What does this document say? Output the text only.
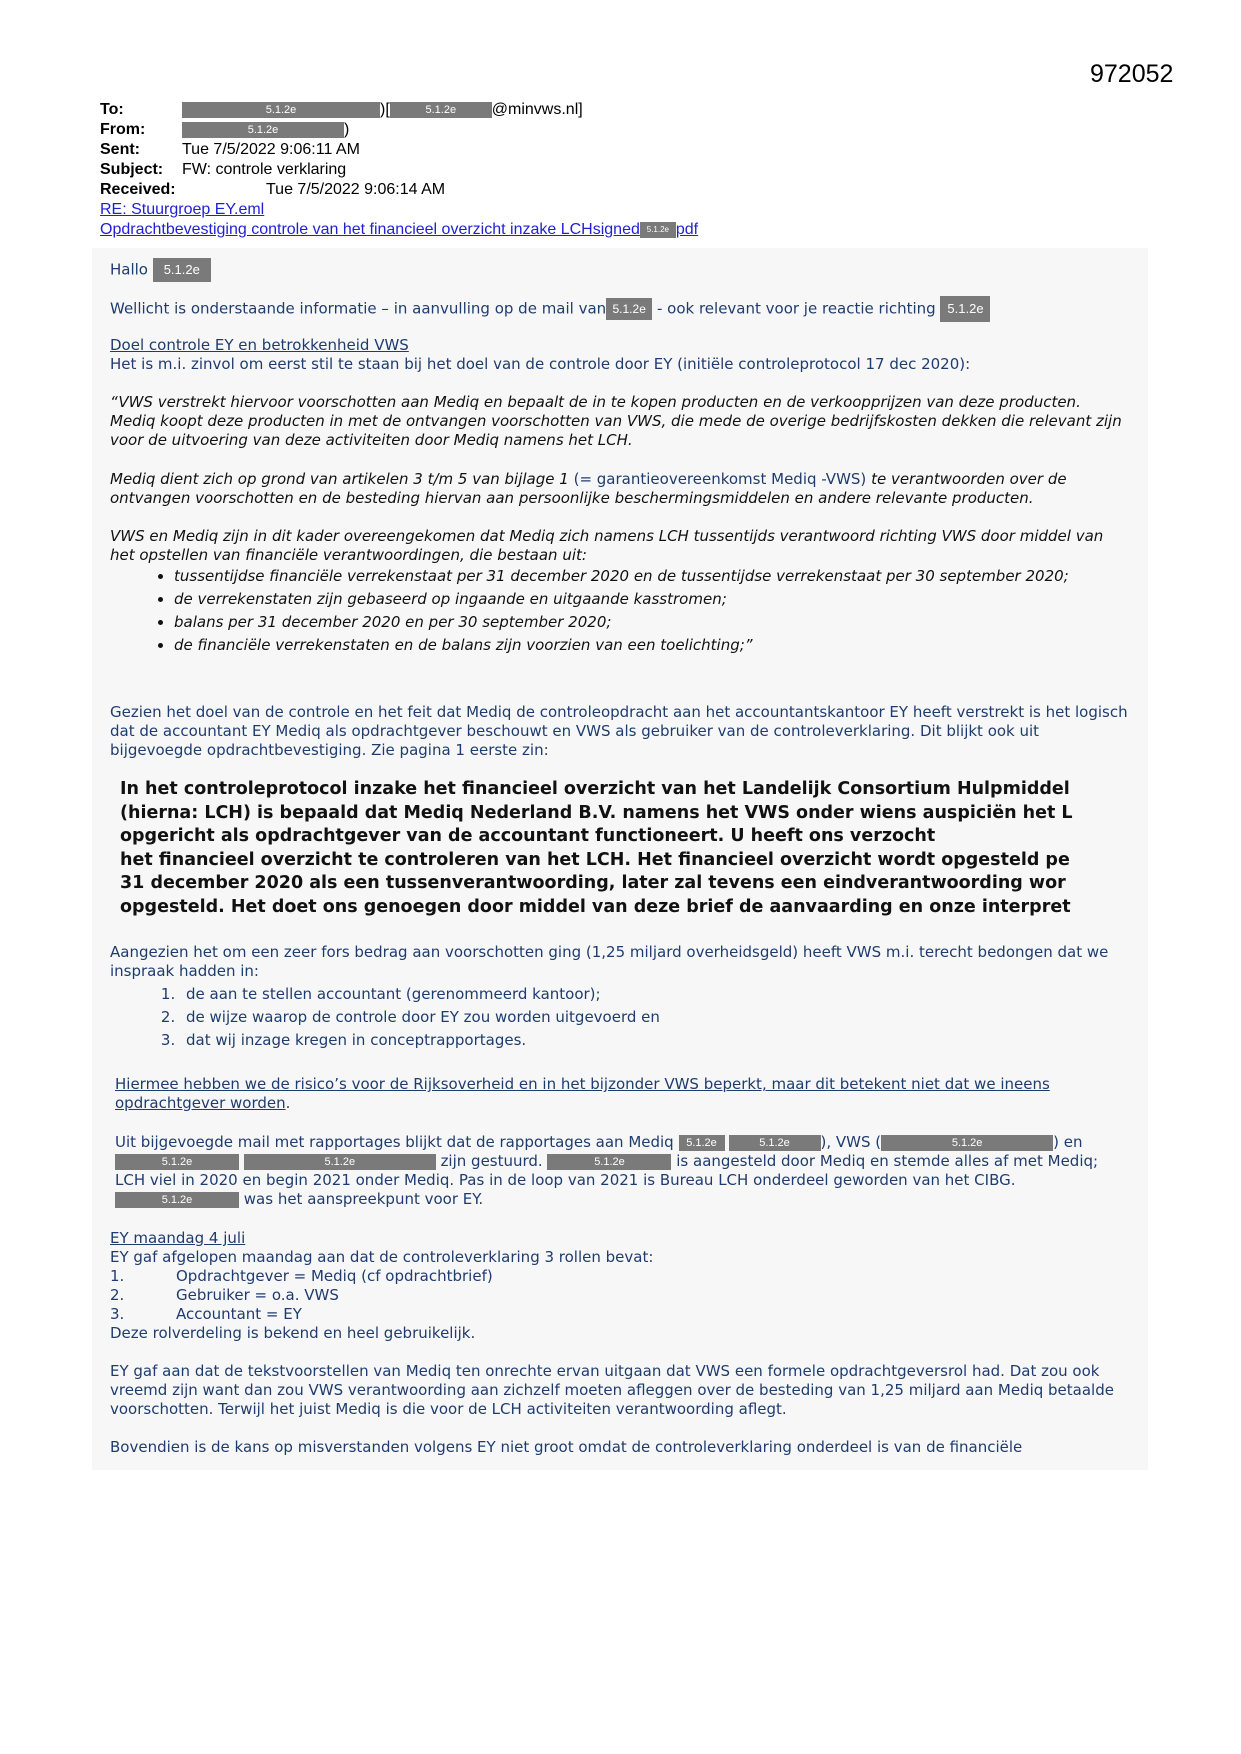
972052
To:	5.1.2e	)[	5.1.2e @minvws.nl]
From:	5.1.2e	)
Sent:	Tue 7/5/2022 9:06:11 AM
Subject: FW: controle verklaring
Received:	Tue 7/5/2022 9:06:14 AM
RE: Stuurgroep EY.eml
Opdrachtbevestiging controle van het financieel overzicht inzake LCHsigned 5.1.2e pdf
Hallo 5.1.2e
Wellicht is onderstaande informatie – in aanvulling op de mail van 5.1.2e - ook relevant voor je reactie richting 5.1.2e
Doel controle EY en betrokkenheid VWS
Het is m.i. zinvol om eerst stil te staan bij het doel van de controle door EY (initiële controleprotocol 17 dec 2020):
“VWS verstrekt hiervoor voorschotten aan Mediq en bepaalt de in te kopen producten en de verkoopprijzen van deze producten. Mediq koopt deze producten in met de ontvangen voorschotten van VWS, die mede de overige bedrijfskosten dekken die relevant zijn voor de uitvoering van deze activiteiten door Mediq namens het LCH.
Mediq dient zich op grond van artikelen 3 t/m 5 van bijlage 1 (= garantieovereenkomst Mediq -VWS) te verantwoorden over de ontvangen voorschotten en de besteding hiervan aan persoonlijke beschermingsmiddelen en andere relevante producten.
VWS en Mediq zijn in dit kader overeengekomen dat Mediq zich namens LCH tussentijds verantwoord richting VWS door middel van het opstellen van financiële verantwoordingen, die bestaan uit:
• tussentijdse financiële verrekenstaat per 31 december 2020 en de tussentijdse verrekenstaat per 30 september 2020;
• de verrekenstaten zijn gebaseerd op ingaande en uitgaande kasstromen;
• balans per 31 december 2020 en per 30 september 2020;
• de financiële verrekenstaten en de balans zijn voorzien van een toelichting;”
Gezien het doel van de controle en het feit dat Mediq de controleopdracht aan het accountantskantoor EY heeft verstrekt is het logisch dat de accountant EY Mediq als opdrachtgever beschouwt en VWS als gebruiker van de controleverklaring. Dit blijkt ook uit bijgevoegde opdrachtbevestiging. Zie pagina 1 eerste zin:
In het controleprotocol inzake het financieel overzicht van het Landelijk Consortium Hulpmiddel
(hierna: LCH) is bepaald dat Mediq Nederland B.V. namens het VWS onder wiens auspiciën het L
opgericht als opdrachtgever van de accountant functioneert. U heeft ons verzocht
het financieel overzicht te controleren van het LCH. Het financieel overzicht wordt opgesteld pe
31 december 2020 als een tussenverantwoording, later zal tevens een eindverantwoording wor
opgesteld. Het doet ons genoegen door middel van deze brief de aanvaarding en onze interpret
Aangezien het om een zeer fors bedrag aan voorschotten ging (1,25 miljard overheidsgeld) heeft VWS m.i. terecht bedongen dat we inspraak hadden in:
1. de aan te stellen accountant (gerenommeerd kantoor);
2. de wijze waarop de controle door EY zou worden uitgevoerd en
3. dat wij inzage kregen in conceptrapportages.
Hiermee hebben we de risico’s voor de Rijksoverheid en in het bijzonder VWS beperkt, maar dit betekent niet dat we ineens opdrachtgever worden.
Uit bijgevoegde mail met rapportages blijkt dat de rapportages aan Mediq 5.1.2e	5.1.2e ), VWS (	5.1.2e	) en
5.1.2e	5.1.2e	zijn gestuurd.	5.1.2e	is aangesteld door Mediq en stemde alles af met Mediq;
LCH viel in 2020 en begin 2021 onder Mediq. Pas in de loop van 2021 is Bureau LCH onderdeel geworden van het CIBG.
5.1.2e	was het aanspreekpunt voor EY.
EY maandag 4 juli
EY gaf afgelopen maandag aan dat de controleverklaring 3 rollen bevat:
1.	Opdrachtgever = Mediq (cf opdrachtbrief)
2.	Gebruiker = o.a. VWS
3.	Accountant = EY
Deze rolverdeling is bekend en heel gebruikelijk.
EY gaf aan dat de tekstvoorstellen van Mediq ten onrechte ervan uitgaan dat VWS een formele opdrachtgeversrol had. Dat zou ook vreemd zijn want dan zou VWS verantwoording aan zichzelf moeten afleggen over de besteding van 1,25 miljard aan Mediq betaalde voorschotten. Terwijl het juist Mediq is die voor de LCH activiteiten verantwoording aflegt.
Bovendien is de kans op misverstanden volgens EY niet groot omdat de controleverklaring onderdeel is van de financiële
